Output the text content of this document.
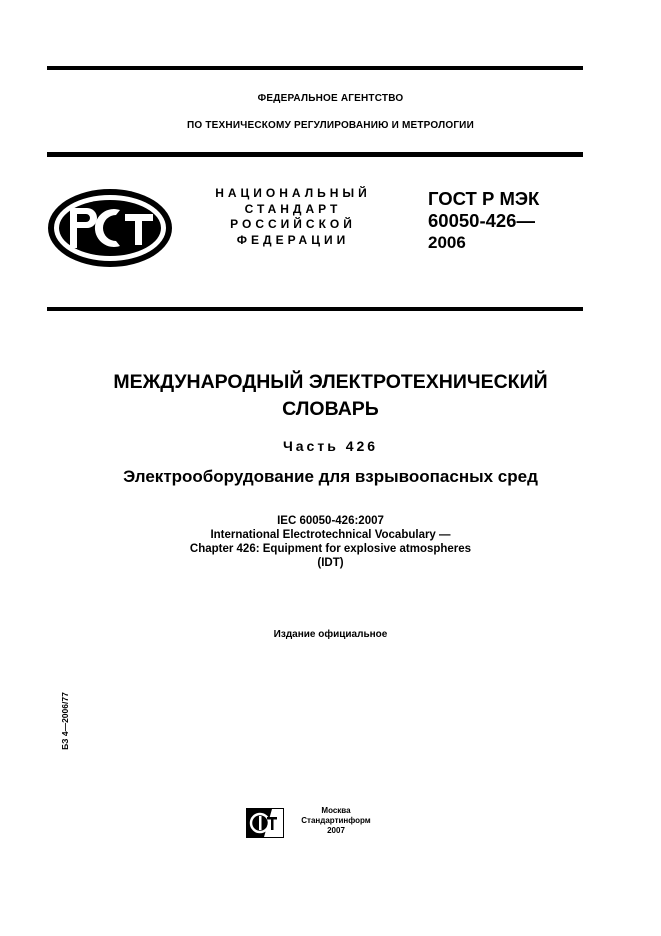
ФЕДЕРАЛЬНОЕ АГЕНТСТВО
ПО ТЕХНИЧЕСКОМУ РЕГУЛИРОВАНИЮ И МЕТРОЛОГИИ
НАЦИОНАЛЬНЫЙ
СТАНДАРТ
РОССИЙСКОЙ
ФЕДЕРАЦИИ
ГОСТ Р МЭК
60050-426—
2006
МЕЖДУНАРОДНЫЙ ЭЛЕКТРОТЕХНИЧЕСКИЙ
СЛОВАРЬ
Часть 426
Электрооборудование для взрывоопасных сред
IEC 60050-426:2007
International Electrotechnical Vocabulary —
Chapter 426: Equipment for explosive atmospheres
(IDT)
Издание официальное
БЗ 4—2006/77
Москва
Стандартинформ
2007
